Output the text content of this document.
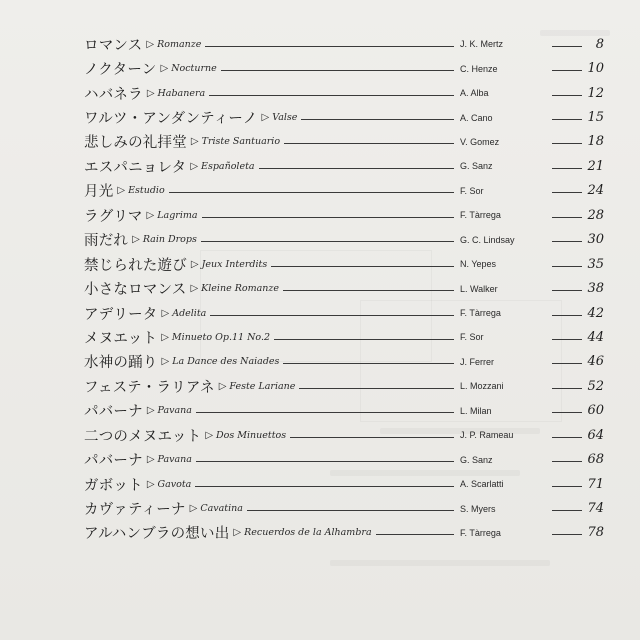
ロマンス ▷ Romanze	J. K. Mertz	8
ノクターン ▷ Nocturne	C. Henze	10
ハバネラ ▷ Habanera	A. Alba	12
ワルツ・アンダンティーノ ▷ Valse	A. Cano	15
悲しみの礼拝堂 ▷ Triste Santuario	V. Gomez	18
エスパニョレタ ▷ Españoleta	G. Sanz	21
月光 ▷ Estudio	F. Sor	24
ラグリマ ▷ Lagrima	F. Tàrrega	28
雨だれ ▷ Rain Drops	G. C. Lindsay	30
禁じられた遊び ▷ Jeux Interdits	N. Yepes	35
小さなロマンス ▷ Kleine Romanze	L. Walker	38
アデリータ ▷ Adelita	F. Tàrrega	42
メヌエット ▷ Minueto Op.11 No.2	F. Sor	44
水神の踊り ▷ La Dance des Naiades	J. Ferrer	46
フェステ・ラリアネ ▷ Feste Lariane	L. Mozzani	52
パバーナ ▷ Pavana	L. Milan	60
二つのメヌエット ▷ Dos Minuettos	J. P. Rameau	64
パバーナ ▷ Pavana	G. Sanz	68
ガボット ▷ Gavota	A. Scarlatti	71
カヴァティーナ ▷ Cavatina	S. Myers	74
アルハンブラの想い出 ▷ Recuerdos de la Alhambra	F. Tàrrega	78
